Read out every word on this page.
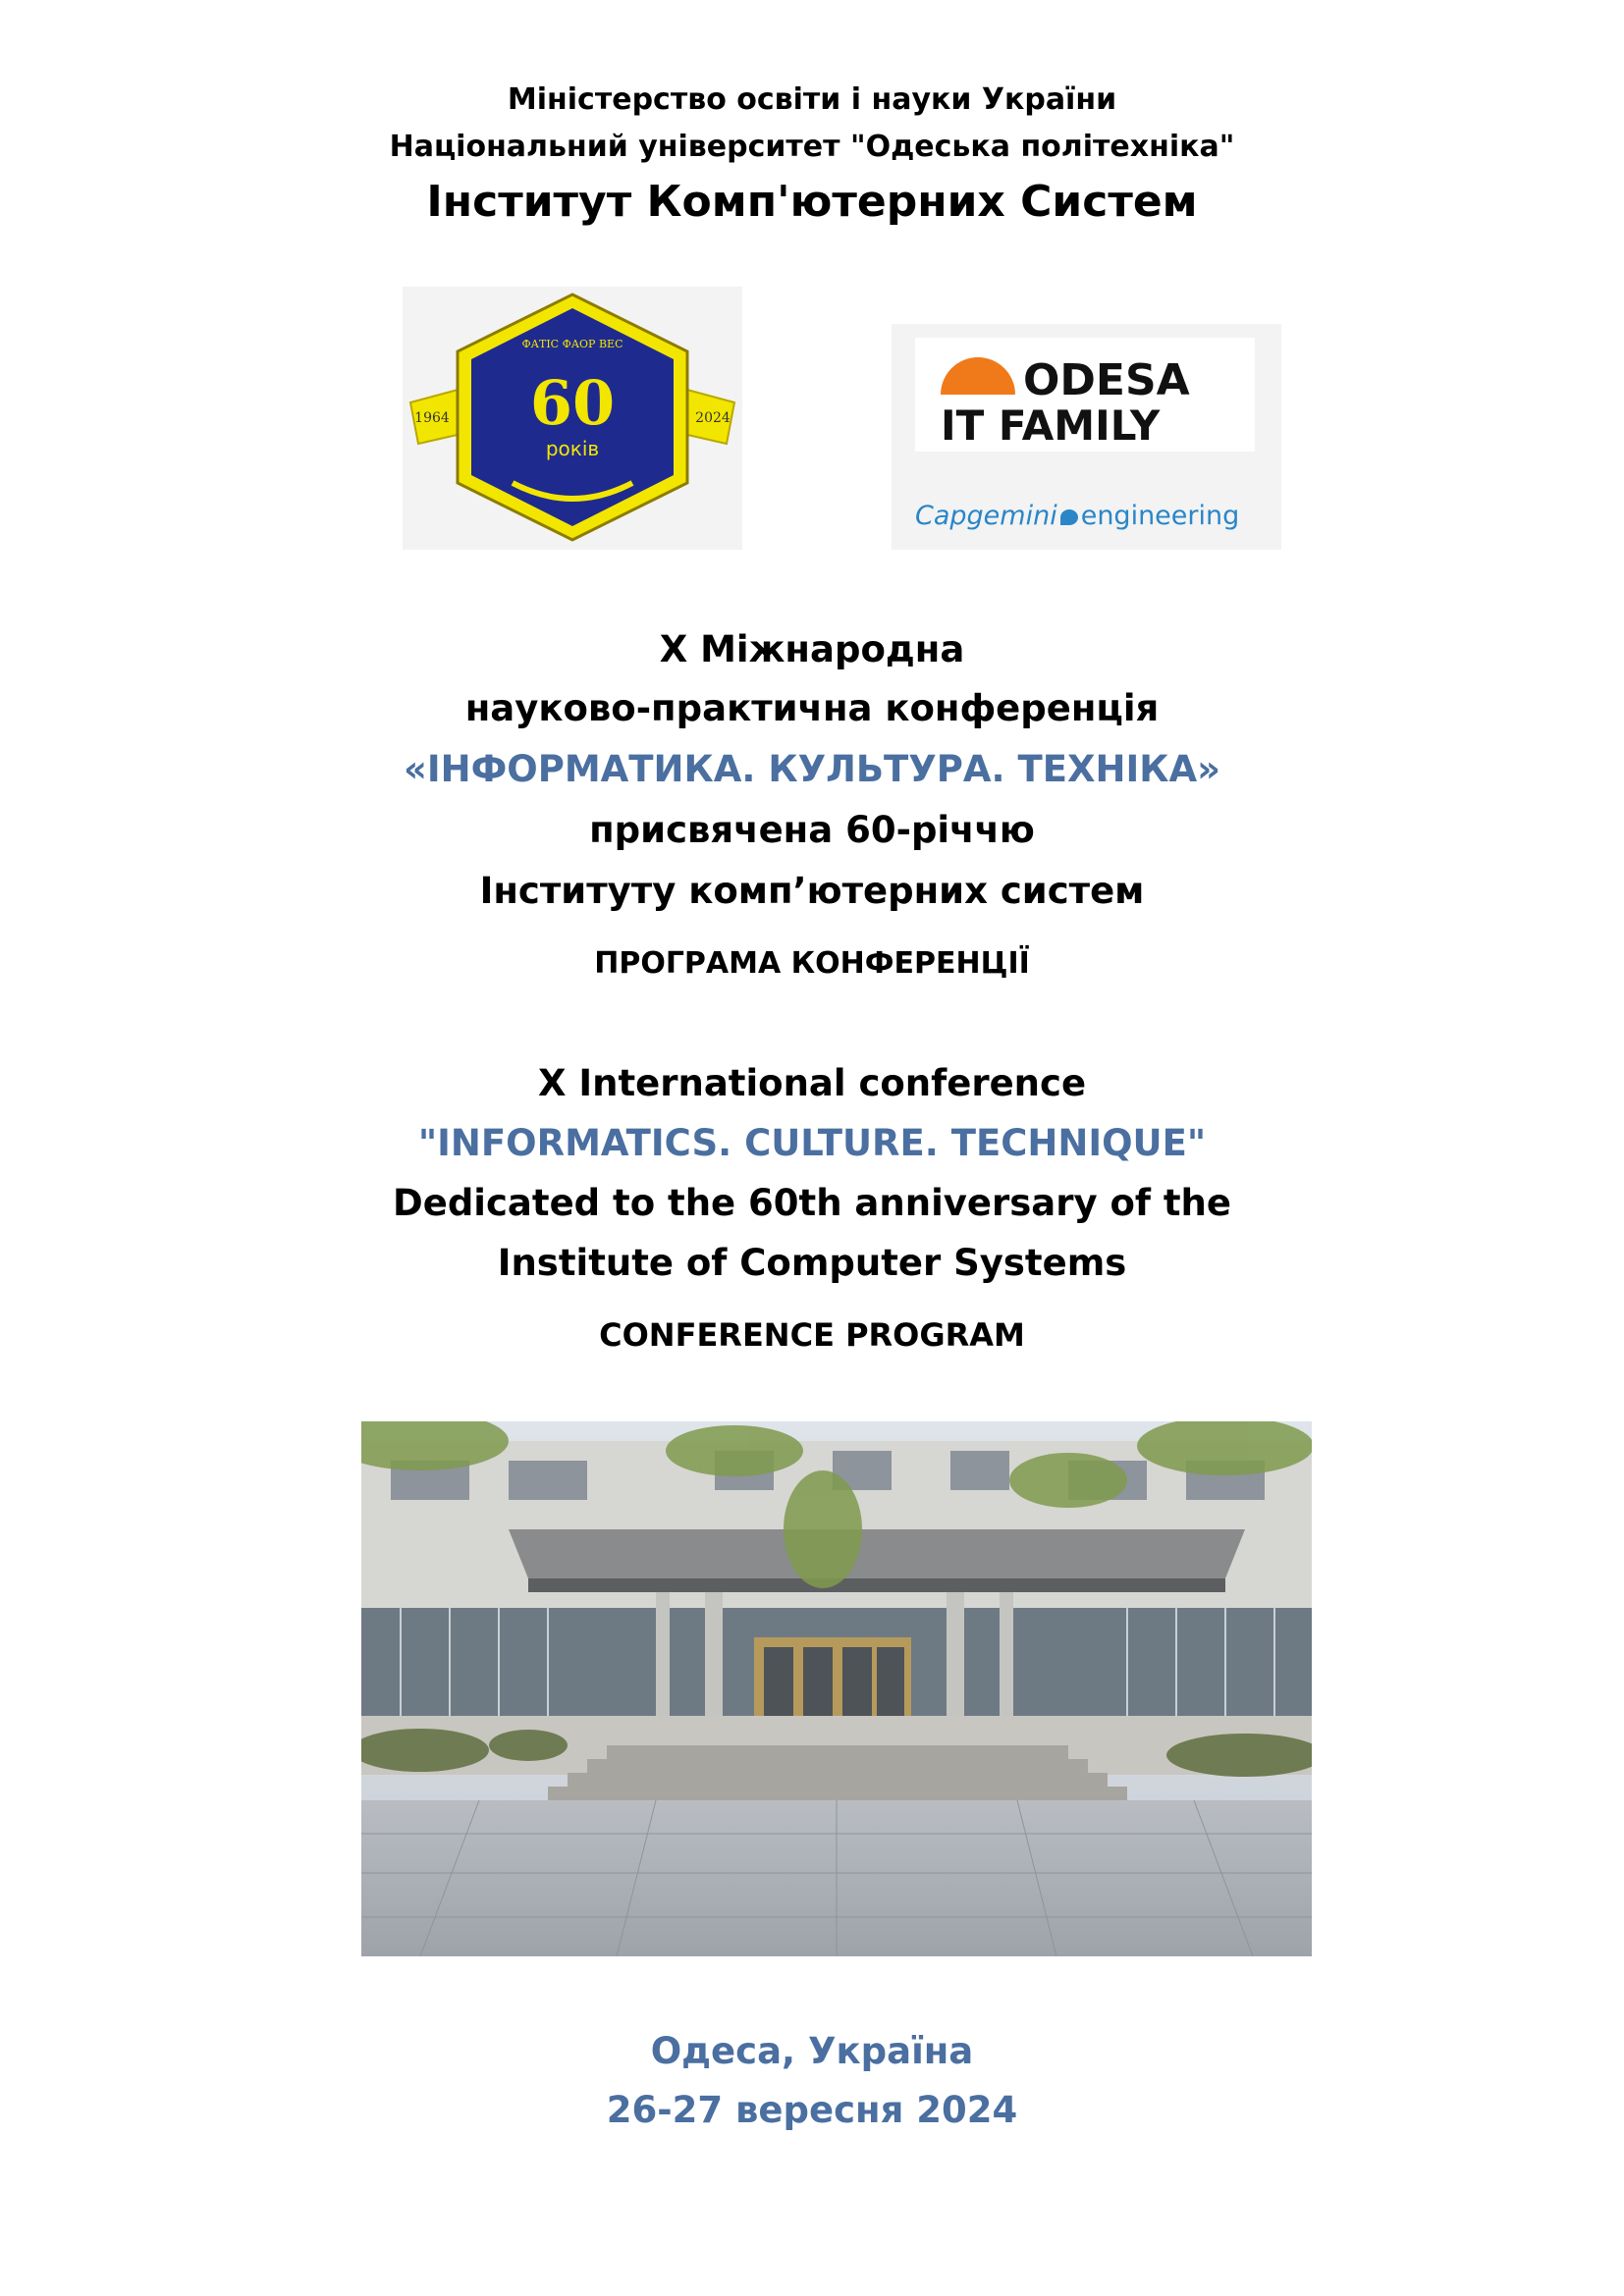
Міністерство освіти і науки України
Національний університет "Одеська політехніка"
Інститут Комп'ютерних Систем
ФАТІС ФАОР ВЕС
60
років
1964	2024
ODESA
IT FAMILY
Capgemini engineering
X Міжнародна
науково-практична конференція
«ІНФОРМАТИКА. КУЛЬТУРА. ТЕХНІКА»
присвячена 60-річчю
Інституту комп’ютерних систем
ПРОГРАМА КОНФЕРЕНЦІЇ
X International conference
"INFORMATICS. CULTURE. TECHNIQUE"
Dedicated to the 60th anniversary of the
Institute of Computer Systems
CONFERENCE PROGRAM
Одеса, Україна
26-27 вересня 2024
